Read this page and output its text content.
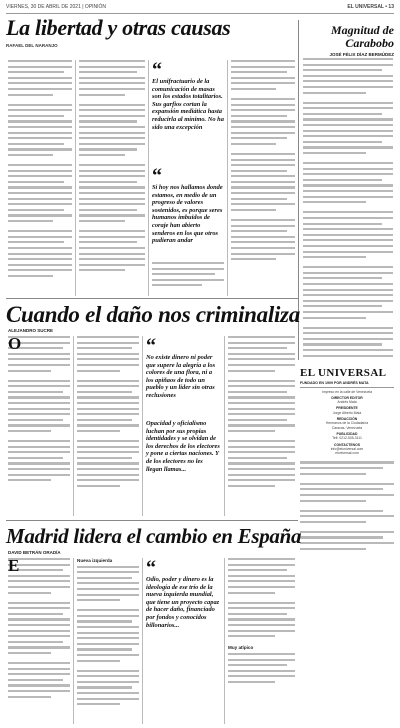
VIERNES, 30 DE ABRIL DE 2021 | OPINIÓN	EL UNIVERSAL • 13
La libertad y otras causas
RAFAEL DEL NARANJO
“
El unifractuario de la comunicación de masas son los estados totalitarios. Sus garfios cortan la expansión mediática hasta reducirla al mínimo. No ha sido una excepción
“
Si hoy nos hallamos donde estamos, en medio de un progreso de valores sostenidos, es porque seres humanos imbuidos de coraje han abierto senderos en los que otros pudieran andar
Magnitud de Carabobo
JOSÉ FÉLIX DÍAZ BERMÚDEZ
Cuando el daño nos criminaliza
ALEJANDRO SUCRE
O	“
No existe dinero ni poder que supere la alegría a los colores de una flora, ni a los apiñaos de todo un pueblo y un líder sin otras reclusiones
Opacidad y oficialismo luchan por sus propias identidades y se olvidan de los derechos de los electores y pone a ciertas naciones. Y de los electores no les llegan llamas...
EL UNIVERSAL
FUNDADO EN 1909 POR ANDRÉS MATA
Impreso en la calle de Venezuela
DIRECTOR EDITOR
Andrés Mata
PRESIDENTE
Jorge Alberto Mata
REDACCIÓN
Hermanos de la Ciudadanía
Caracas, Venezuela
PUBLICIDAD
Telf. 0212-505-3111
CONTACTENOS
info@eluniversal.com
eluniversal.com
Madrid lidera el cambio en España
DAVID BETRÁN ORADÍA
E	Nueva izquierda	“
Odio, poder y dinero es la ideología de ese trío de la nueva izquierda mundial, que tiene un proyecto capaz de hacer daño, financiado por fondos y conocidos billonarios...
Muy atípico
